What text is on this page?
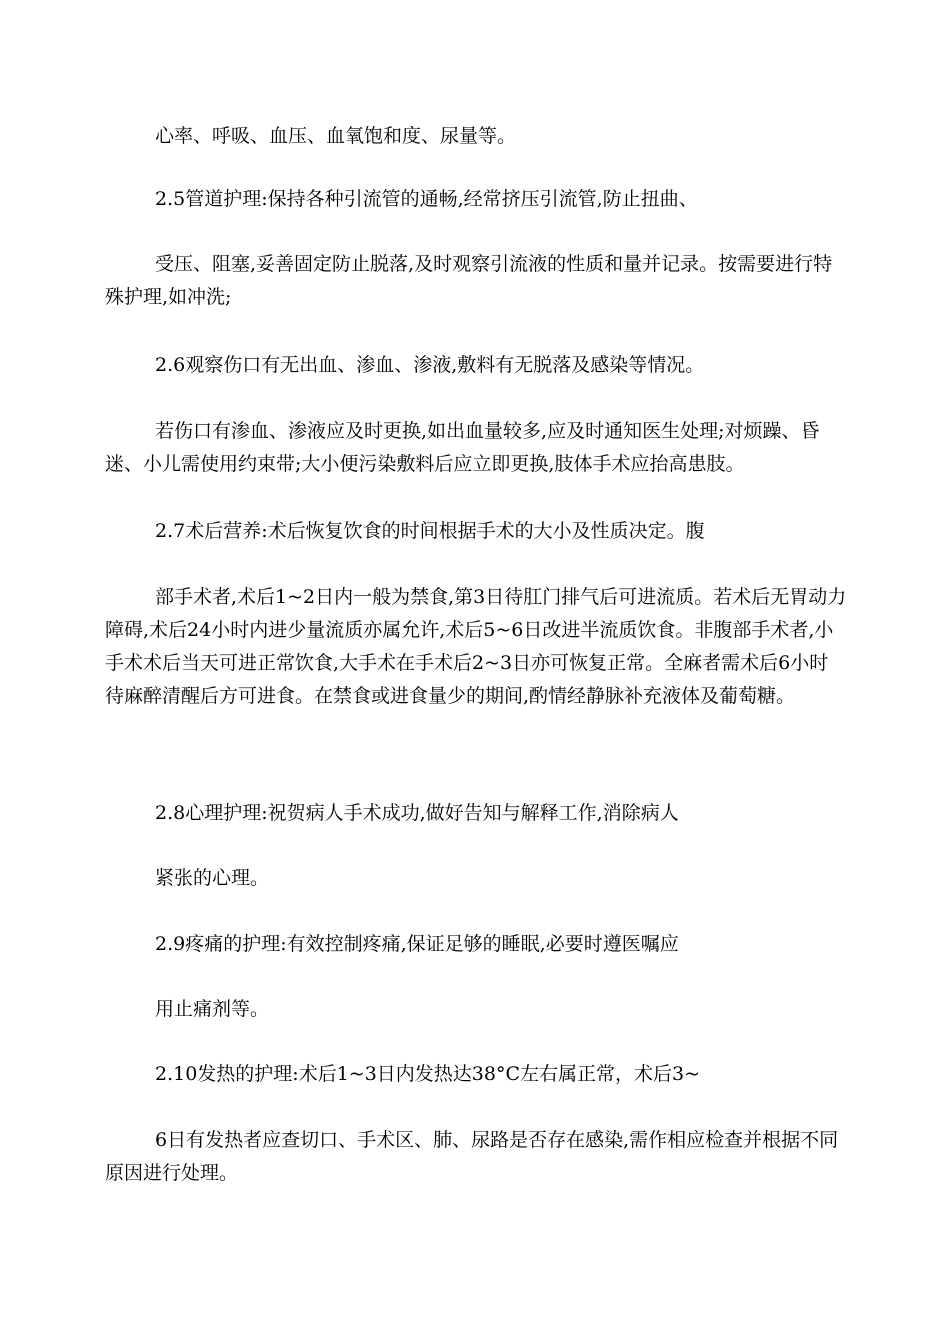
心率、呼吸、血压、血氧饱和度、尿量等。

2.5管道护理:保持各种引流管的通畅,经常挤压引流管,防止扭曲、

受压、阻塞,妥善固定防止脱落,及时观察引流液的性质和量并记录。按需要进行特殊护理,如冲洗;

2.6观察伤口有无出血、渗血、渗液,敷料有无脱落及感染等情况。

若伤口有渗血、渗液应及时更换,如出血量较多,应及时通知医生处理;对烦躁、昏迷、小儿需使用约束带;大小便污染敷料后应立即更换,肢体手术应抬高患肢。

2.7术后营养:术后恢复饮食的时间根据手术的大小及性质决定。腹

部手术者,术后1~2日内一般为禁食,第3日待肛门排气后可进流质。若术后无胃动力障碍,术后24小时内进少量流质亦属允许,术后5~6日改进半流质饮食。非腹部手术者,小手术术后当天可进正常饮食,大手术在手术后2~3日亦可恢复正常。全麻者需术后6小时待麻醉清醒后方可进食。在禁食或进食量少的期间,酌情经静脉补充液体及葡萄糖。

2.8心理护理:祝贺病人手术成功,做好告知与解释工作,消除病人

紧张的心理。

2.9疼痛的护理:有效控制疼痛,保证足够的睡眠,必要时遵医嘱应

用止痛剂等。

2.10发热的护理:术后1~3日内发热达38°C左右属正常，术后3~

6日有发热者应查切口、手术区、肺、尿路是否存在感染,需作相应检查并根据不同原因进行处理。
